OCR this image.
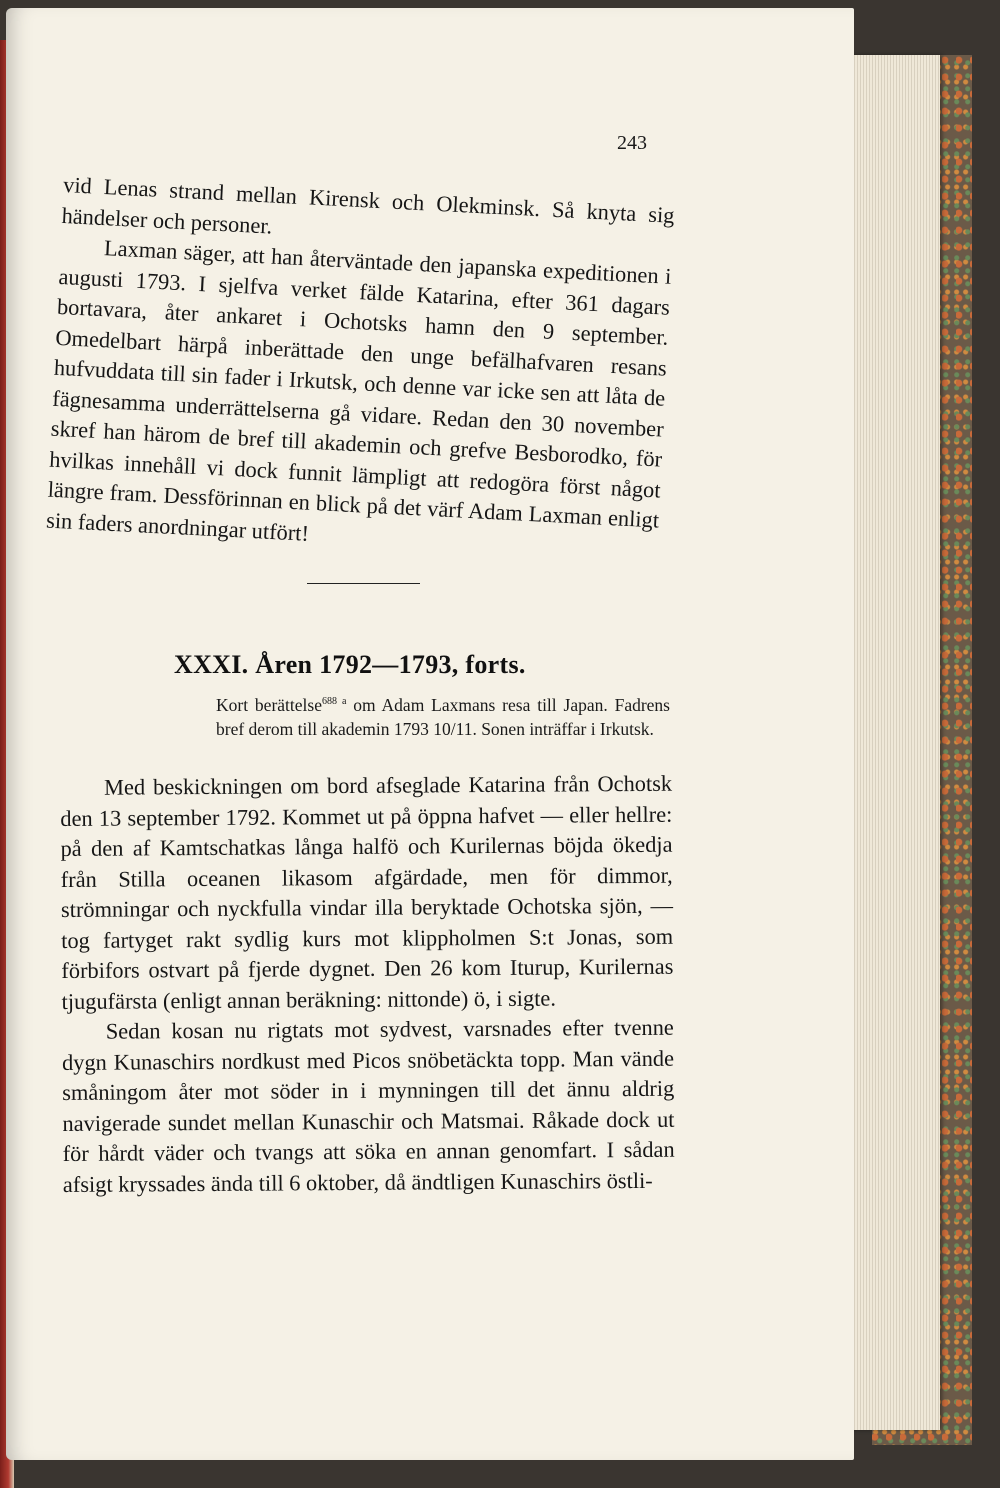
243

vid Lenas strand mellan Kirensk och Olekminsk. Så knyta sig händelser och personer.

Laxman säger, att han återväntade den japanska expeditionen i augusti 1793. I sjelfva verket fälde Katarina, efter 361 dagars bortavara, åter ankaret i Ochotsks hamn den 9 september. Omedelbart härpå inberättade den unge befälhafvaren resans hufvuddata till sin fader i Irkutsk, och denne var icke sen att låta de fägnesamma underrättelserna gå vidare. Redan den 30 november skref han härom de bref till akademin och grefve Besborodko, för hvilkas innehåll vi dock funnit lämpligt att redogöra först något längre fram. Dessförinnan en blick på det värf Adam Laxman enligt sin faders anordningar utfört!

XXXI. Åren 1792—1793, forts.
Kort berättelse$^{688 a}$ om Adam Laxmans resa till Japan. Fadrens bref derom till akademin 1793 10/11. Sonen inträffar i Irkutsk.

Med beskickningen om bord afseglade Katarina från Ochotsk den 13 september 1792. Kommet ut på öppna hafvet — eller hellre: på den af Kamtschatkas långa halfö och Kurilernas böjda ökedja från Stilla oceanen likasom afgärdade, men för dimmor, strömningar och nyckfulla vindar illa beryktade Ochotska sjön, — tog fartyget rakt sydlig kurs mot klippholmen S:t Jonas, som förbifors ostvart på fjerde dygnet. Den 26 kom Iturup, Kurilernas tjugufärsta (enligt annan beräkning: nittonde) ö, i sigte.

Sedan kosan nu rigtats mot sydvest, varsnades efter tvenne dygn Kunaschirs nordkust med Picos snöbetäckta topp. Man vände småningom åter mot söder in i mynningen till det ännu aldrig navigerade sundet mellan Kunaschir och Matsmai. Råkade dock ut för hårdt väder och tvangs att söka en annan genomfart. I sådan afsigt kryssades ända till 6 oktober, då ändtligen Kunaschirs östli-
